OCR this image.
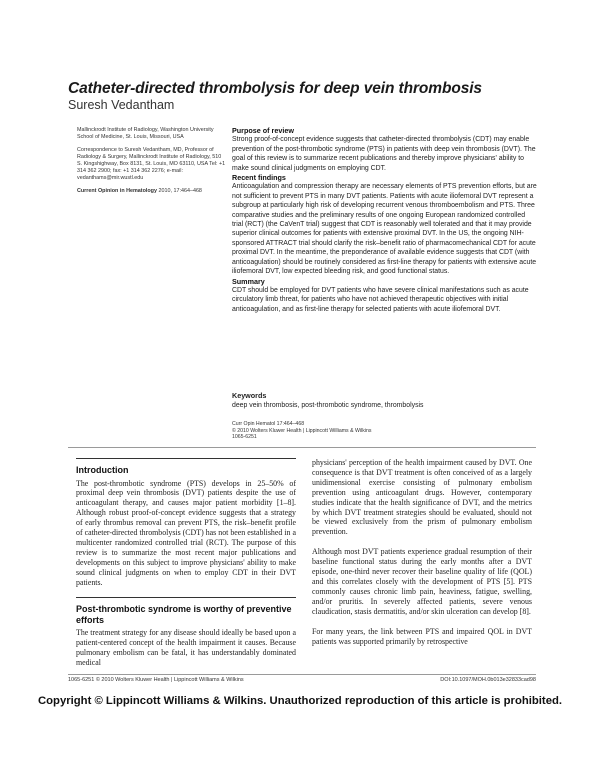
Catheter-directed thrombolysis for deep vein thrombosis
Suresh Vedantham

Mallinckrodt Institute of Radiology, Washington University School of Medicine, St. Louis, Missouri, USA

Correspondence to Suresh Vedantham, MD, Professor of Radiology & Surgery, Mallinckrodt Institute of Radiology, 510 S. Kingshighway, Box 8131, St. Louis, MO 63110, USA Tel: +1 314 362 2900; fax: +1 314 362 2276; e-mail: vedanthams@mir.wustl.edu

Current Opinion in Hematology 2010, 17:464–468

Purpose of review

Strong proof-of-concept evidence suggests that catheter-directed thrombolysis (CDT) may enable prevention of the post-thrombotic syndrome (PTS) in patients with deep vein thrombosis (DVT). The goal of this review is to summarize recent publications and thereby improve physicians' ability to make sound clinical judgments on employing CDT.

Recent findings

Anticoagulation and compression therapy are necessary elements of PTS prevention efforts, but are not sufficient to prevent PTS in many DVT patients. Patients with acute iliofemoral DVT represent a subgroup at particularly high risk of developing recurrent venous thromboembolism and PTS. Three comparative studies and the preliminary results of one ongoing European randomized controlled trial (RCT) (the CaVenT trial) suggest that CDT is reasonably well tolerated and that it may provide superior clinical outcomes for patients with extensive proximal DVT. In the US, the ongoing NIH-sponsored ATTRACT trial should clarify the risk–benefit ratio of pharmacomechanical CDT for acute proximal DVT. In the meantime, the preponderance of available evidence suggests that CDT (with anticoagulation) should be routinely considered as first-line therapy for patients with extensive acute iliofemoral DVT, low expected bleeding risk, and good functional status.

Summary

CDT should be employed for DVT patients who have severe clinical manifestations such as acute circulatory limb threat, for patients who have not achieved therapeutic objectives with initial anticoagulation, and as first-line therapy for selected patients with acute iliofemoral DVT.

Keywords

deep vein thrombosis, post-thrombotic syndrome, thrombolysis

Curr Opin Hematol 17:464–468

© 2010 Wolters Kluwer Health | Lippincott Williams & Wilkins

1065-6251

Introduction

The post-thrombotic syndrome (PTS) develops in 25–50% of proximal deep vein thrombosis (DVT) patients despite the use of anticoagulant therapy, and causes major patient morbidity [1–8]. Although robust proof-of-concept evidence suggests that a strategy of early thrombus removal can prevent PTS, the risk–benefit profile of catheter-directed thrombolysis (CDT) has not been established in a multicenter randomized controlled trial (RCT). The purpose of this review is to summarize the most recent major publications and developments on this subject to improve physicians' ability to make sound clinical judgments on when to employ CDT in their DVT patients.

Post-thrombotic syndrome is worthy of preventive efforts

The treatment strategy for any disease should ideally be based upon a patient-centered concept of the health impairment it causes. Because pulmonary embolism can be fatal, it has understandably dominated medical

physicians' perception of the health impairment caused by DVT. One consequence is that DVT treatment is often conceived of as a largely unidimensional exercise consisting of pulmonary embolism prevention using anticoagulant drugs. However, contemporary studies indicate that the health significance of DVT, and the metrics by which DVT treatment strategies should be evaluated, should not be viewed exclusively from the prism of pulmonary embolism prevention.

Although most DVT patients experience gradual resumption of their baseline functional status during the early months after a DVT episode, one-third never recover their baseline quality of life (QOL) and this correlates closely with the development of PTS [5]. PTS commonly causes chronic limb pain, heaviness, fatigue, swelling, and/or pruritis. In severely affected patients, severe venous claudication, stasis dermatitis, and/or skin ulceration can develop [8].

For many years, the link between PTS and impaired QOL in DVT patients was supported primarily by retrospective

1065-6251 © 2010 Wolters Kluwer Health | Lippincott Williams & Wilkins	DOI:10.1097/MOH.0b013e32833cad98
Copyright © Lippincott Williams & Wilkins. Unauthorized reproduction of this article is prohibited.
